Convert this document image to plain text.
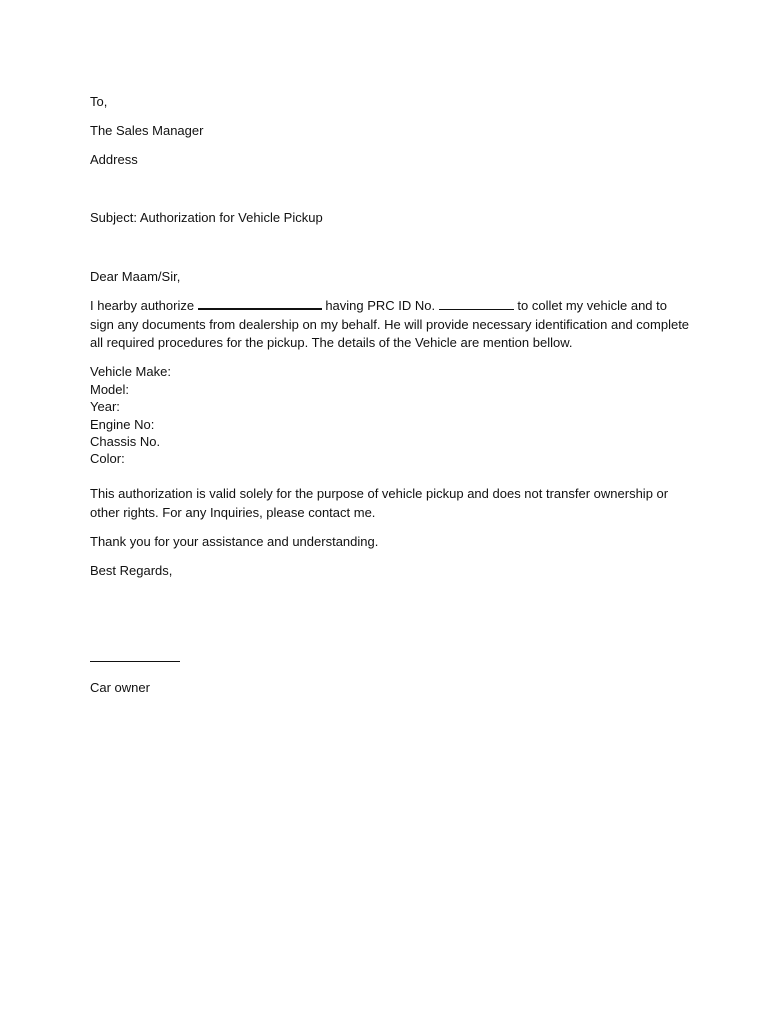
To,
The Sales Manager
Address
Subject: Authorization for Vehicle Pickup
Dear Maam/Sir,
I hearby authorize	having PRC ID No.	to collet my vehicle and to
sign any documents from dealership on my behalf. He will provide necessary identification and complete
all required procedures for the pickup. The details of the Vehicle are mention bellow.
Vehicle Make:
Model:
Year:
Engine No:
Chassis No.
Color:
This authorization is valid solely for the purpose of vehicle pickup and does not transfer ownership or
other rights. For any Inquiries, please contact me.
Thank you for your assistance and understanding.
Best Regards,
Car owner
